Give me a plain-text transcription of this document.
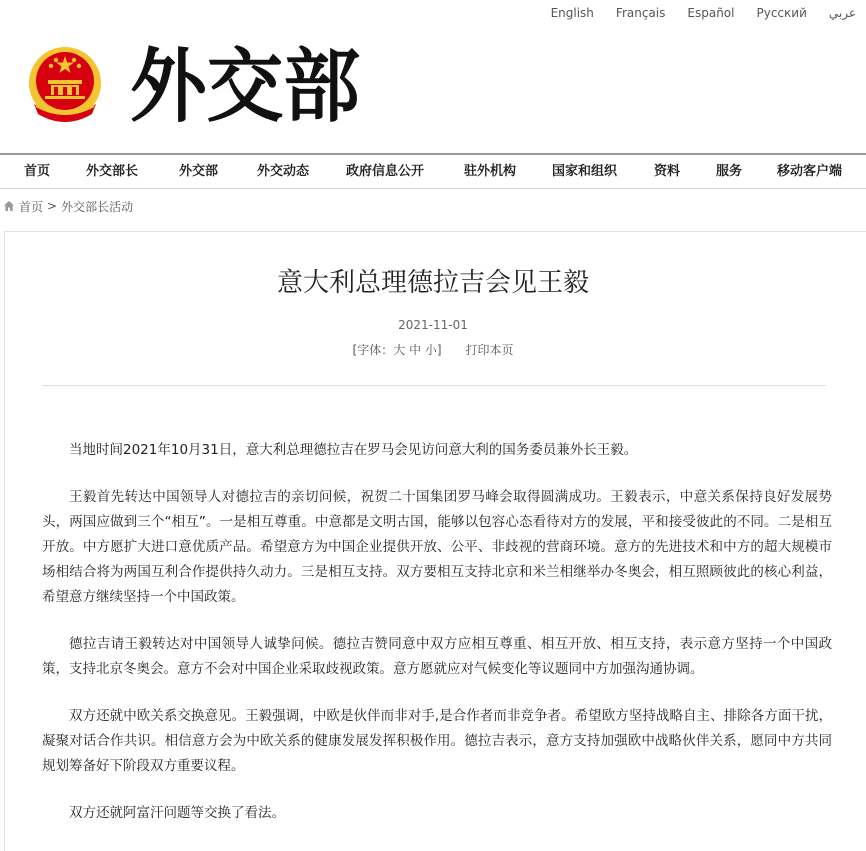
English Français Español Русский عربي
外交部
首页	外交部长	外交部	外交动态	政府信息公开	驻外机构	国家和组织	资料	服务	移动客户端
首页 > 外交部长活动
意大利总理德拉吉会见王毅
2021-11-01
[字体：大 中 小] 打印本页

当地时间2021年10月31日，意大利总理德拉吉在罗马会见访问意大利的国务委员兼外长王毅。

王毅首先转达中国领导人对德拉吉的亲切问候，祝贺二十国集团罗马峰会取得圆满成功。王毅表示，中意关系保持良好发展势头，两国应做到三个“相互”。一是相互尊重。中意都是文明古国，能够以包容心态看待对方的发展，平和接受彼此的不同。二是相互开放。中方愿扩大进口意优质产品。希望意方为中国企业提供开放、公平、非歧视的营商环境。意方的先进技术和中方的超大规模市场相结合将为两国互利合作提供持久动力。三是相互支持。双方要相互支持北京和米兰相继举办冬奥会，相互照顾彼此的核心利益，希望意方继续坚持一个中国政策。

德拉吉请王毅转达对中国领导人诚挚问候。德拉吉赞同意中双方应相互尊重、相互开放、相互支持，表示意方坚持一个中国政策，支持北京冬奥会。意方不会对中国企业采取歧视政策。意方愿就应对气候变化等议题同中方加强沟通协调。

双方还就中欧关系交换意见。王毅强调，中欧是伙伴而非对手,是合作者而非竞争者。希望欧方坚持战略自主、排除各方面干扰，凝聚对话合作共识。相信意方会为中欧关系的健康发展发挥积极作用。德拉吉表示，意方支持加强欧中战略伙伴关系，愿同中方共同规划筹备好下阶段双方重要议程。

双方还就阿富汗问题等交换了看法。
